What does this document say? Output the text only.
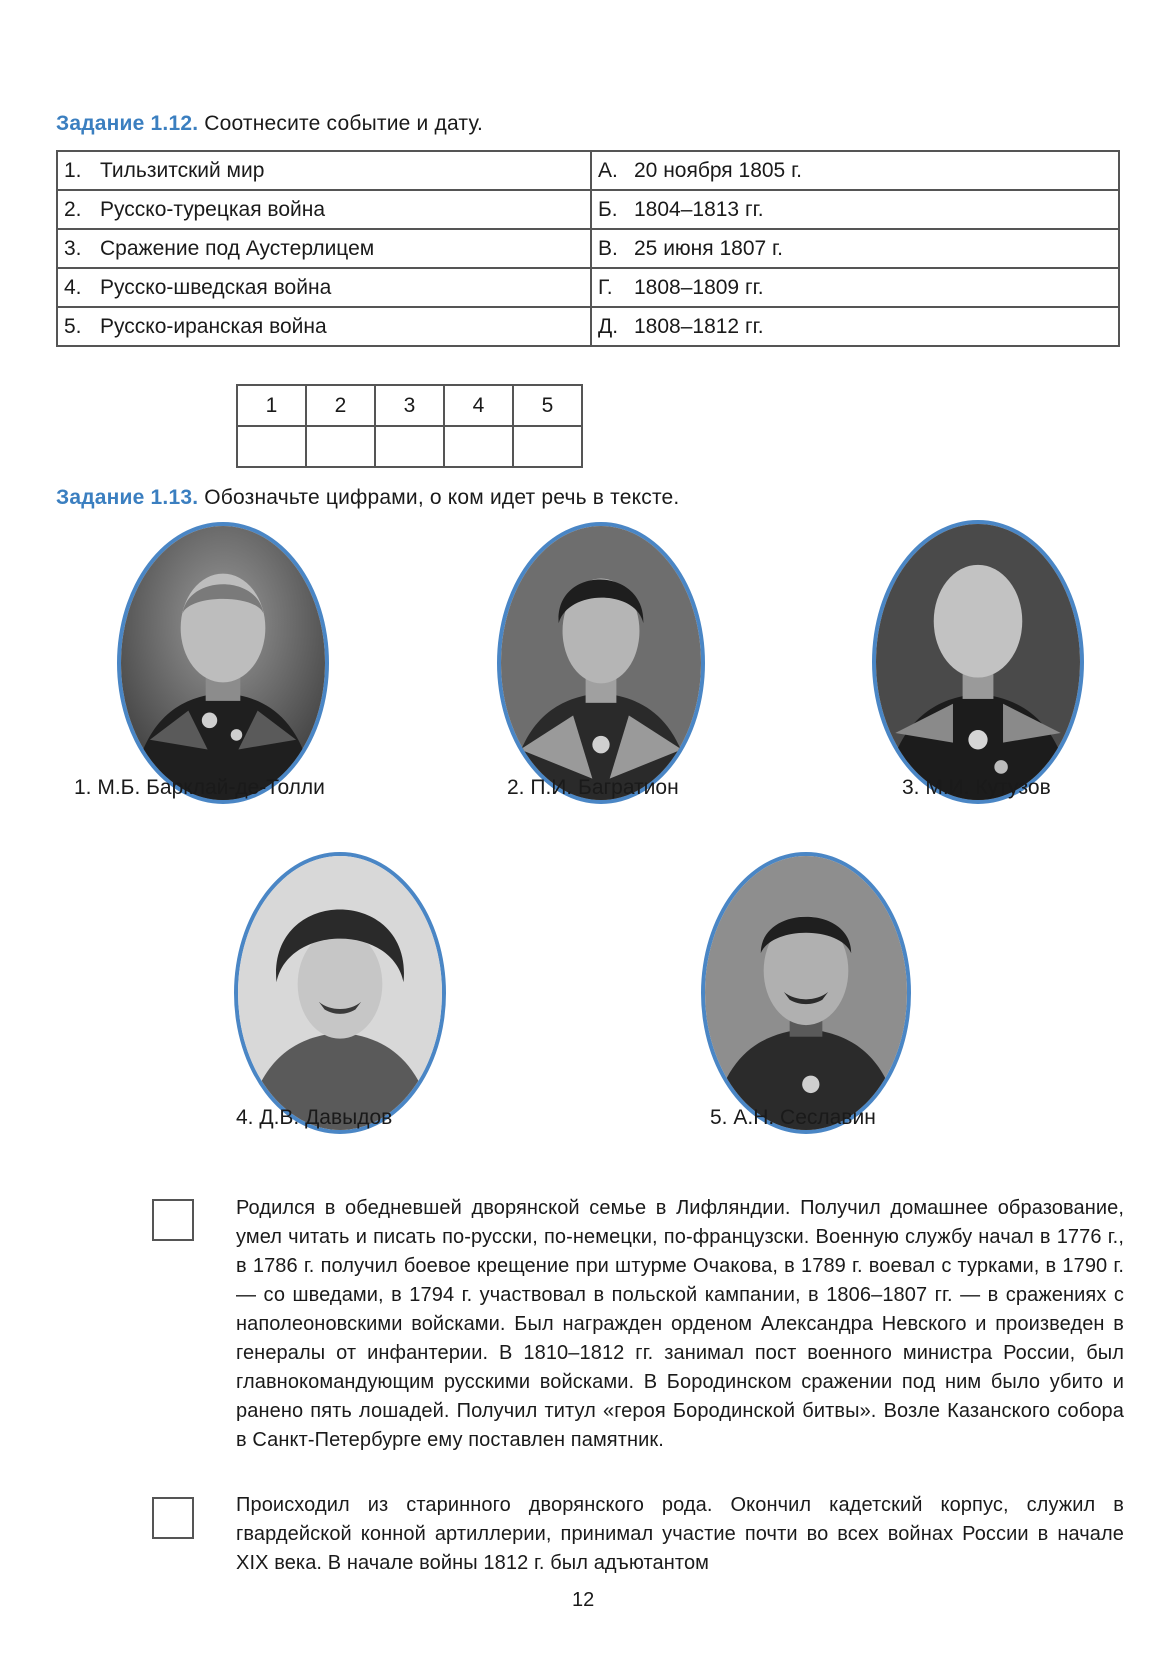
Задание 1.12. Соотнесите событие и дату.
1. Тильзитский мир	А. 20 ноября 1805 г.
2. Русско-турецкая война	Б. 1804–1813 гг.
3. Сражение под Аустерлицем	В. 25 июня 1807 г.
4. Русско-шведская война	Г. 1808–1809 гг.
5. Русско-иранская война	Д. 1808–1812 гг.
1	2	3	4	5

Задание 1.13. Обозначьте цифрами, о ком идет речь в тексте.
1. М.Б. Барклай-де-Толли	2. П.И. Багратион	3. М.И. Кутузов
4. Д.В. Давыдов	5. А.Н. Сеславин
Родился в обедневшей дворянской семье в Лифляндии. Получил домашнее образование, умел читать и писать по-русски, по-немецки, по-французски. Военную службу начал в 1776 г., в 1786 г. получил боевое крещение при штурме Очакова, в 1789 г. воевал с турками, в 1790 г. — со шведами, в 1794 г. участвовал в польской кампании, в 1806–1807 гг. — в сражениях с наполеоновскими войсками. Был награжден орденом Александра Невского и произведен в генералы от инфантерии. В 1810–1812 гг. занимал пост военного министра России, был главнокомандующим русскими войсками. В Бородинском сражении под ним было убито и ранено пять лошадей. Получил титул «героя Бородинской битвы». Возле Казанского собора в Санкт-Петербурге ему поставлен памятник.
Происходил из старинного дворянского рода. Окончил кадетский корпус, служил в гвардейской конной артиллерии, принимал участие почти во всех войнах России в начале XIX века. В начале войны 1812 г. был адъютантом
12
